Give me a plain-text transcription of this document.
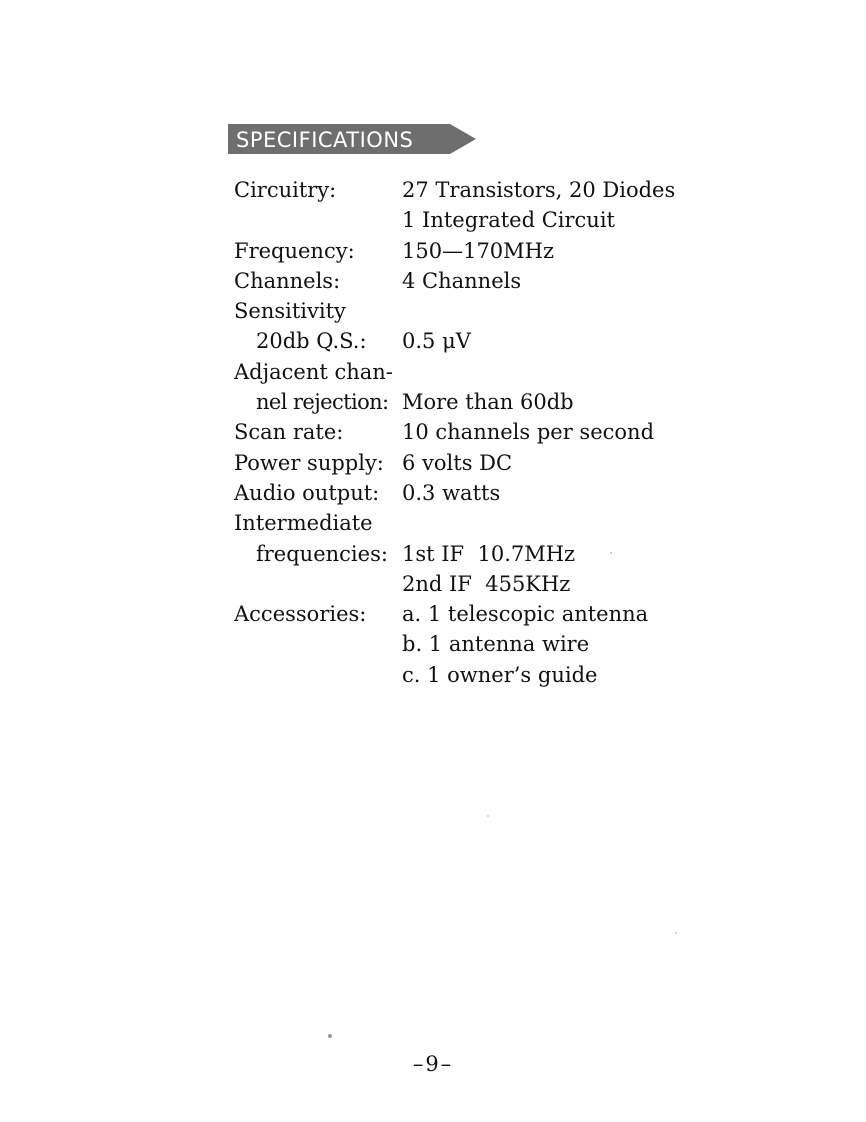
SPECIFICATIONS
Circuitry:	27 Transistors, 20 Diodes
1 Integrated Circuit
Frequency:	150—170MHz
Channels:	4 Channels
Sensitivity
20db Q.S.:	0.5 μV
Adjacent chan-
nel rejection: More than 60db
Scan rate:	10 channels per second
Power supply: 6 volts DC
Audio output:	0.3 watts
Intermediate
frequencies: 1st IF  10.7MHz
2nd IF  455KHz
Accessories:	a. 1 telescopic antenna
b. 1 antenna wire
c. 1 owner’s guide
–9–
